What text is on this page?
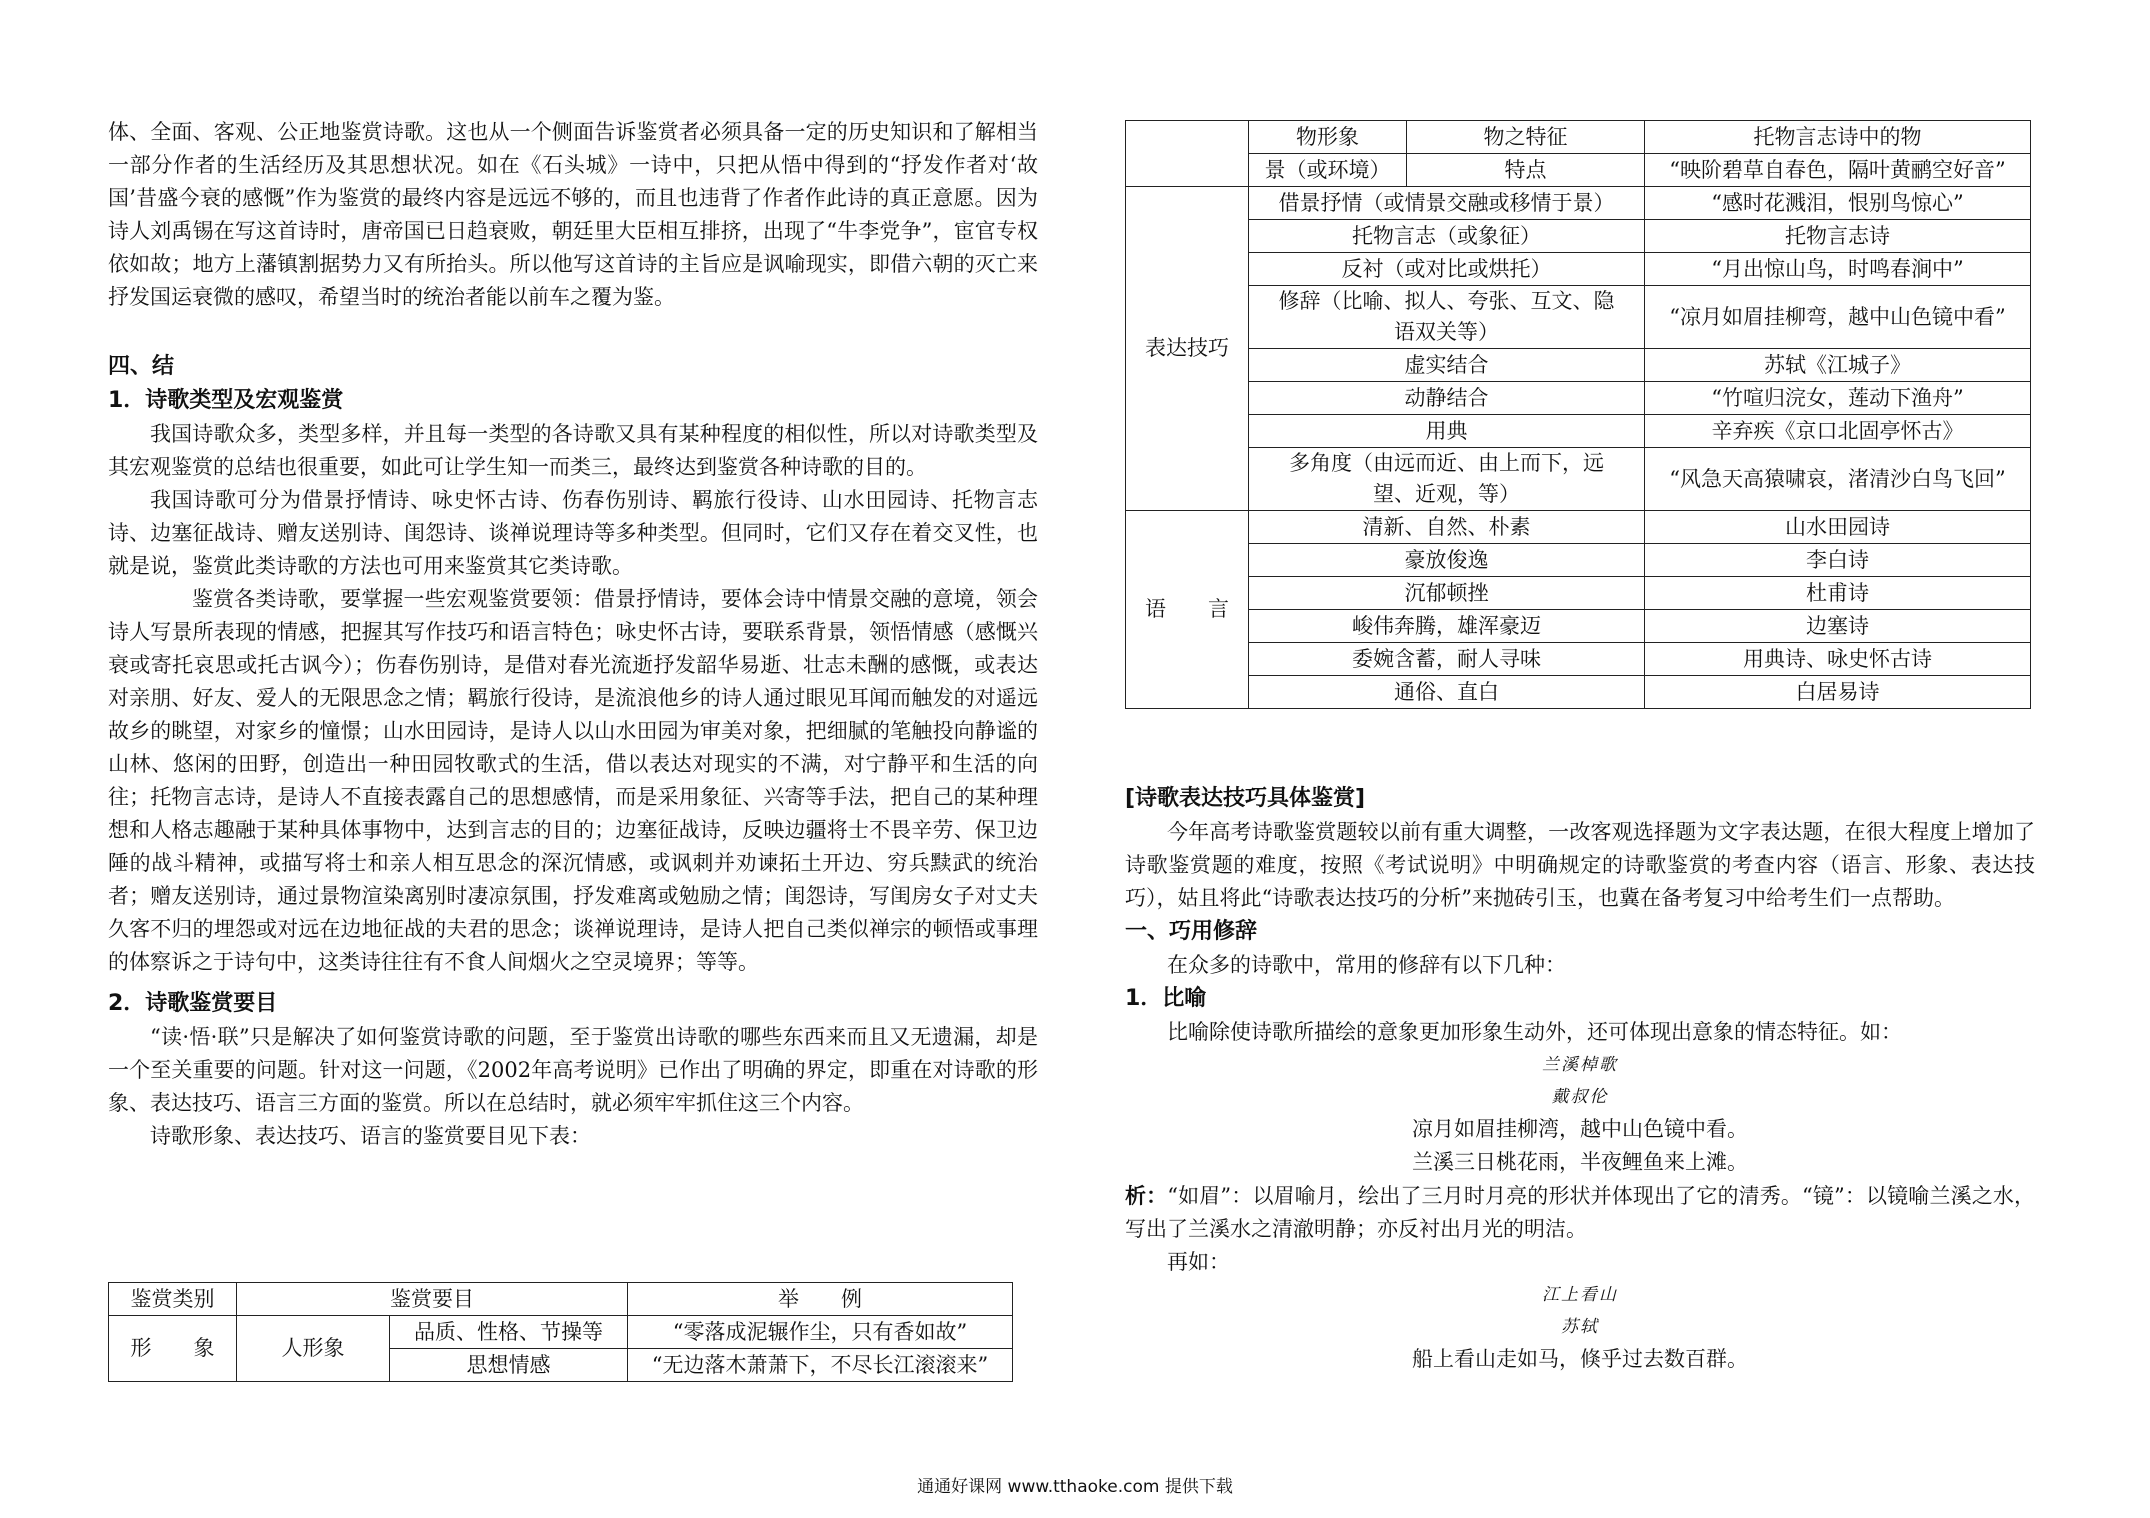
体、全面、客观、公正地鉴赏诗歌。这也从一个侧面告诉鉴赏者必须具备一定的历史知识和了解相当一部分作者的生活经历及其思想状况。如在《石头城》一诗中，只把从悟中得到的“抒发作者对‘故国’昔盛今衰的感慨”作为鉴赏的最终内容是远远不够的，而且也违背了作者作此诗的真正意愿。因为诗人刘禹锡在写这首诗时，唐帝国已日趋衰败，朝廷里大臣相互排挤，出现了“牛李党争”，宦官专权依如故；地方上藩镇割据势力又有所抬头。所以他写这首诗的主旨应是讽喻现实，即借六朝的灭亡来抒发国运衰微的感叹，希望当时的统治者能以前车之覆为鉴。

四、结

1．诗歌类型及宏观鉴赏

我国诗歌众多，类型多样，并且每一类型的各诗歌又具有某种程度的相似性，所以对诗歌类型及其宏观鉴赏的总结也很重要，如此可让学生知一而类三，最终达到鉴赏各种诗歌的目的。

我国诗歌可分为借景抒情诗、咏史怀古诗、伤春伤别诗、羁旅行役诗、山水田园诗、托物言志诗、边塞征战诗、赠友送别诗、闺怨诗、谈禅说理诗等多种类型。但同时，它们又存在着交叉性，也就是说，鉴赏此类诗歌的方法也可用来鉴赏其它类诗歌。

鉴赏各类诗歌，要掌握一些宏观鉴赏要领：借景抒情诗，要体会诗中情景交融的意境，领会诗人写景所表现的情感，把握其写作技巧和语言特色；咏史怀古诗，要联系背景，领悟情感（感慨兴衰或寄托哀思或托古讽今）；伤春伤别诗，是借对春光流逝抒发韶华易逝、壮志未酬的感慨，或表达对亲朋、好友、爱人的无限思念之情；羁旅行役诗，是流浪他乡的诗人通过眼见耳闻而触发的对遥远故乡的眺望，对家乡的憧憬；山水田园诗，是诗人以山水田园为审美对象，把细腻的笔触投向静谧的山林、悠闲的田野，创造出一种田园牧歌式的生活，借以表达对现实的不满，对宁静平和生活的向往；托物言志诗，是诗人不直接表露自己的思想感情，而是采用象征、兴寄等手法，把自己的某种理想和人格志趣融于某种具体事物中，达到言志的目的；边塞征战诗，反映边疆将士不畏辛劳、保卫边陲的战斗精神，或描写将士和亲人相互思念的深沉情感，或讽刺并劝谏拓土开边、穷兵黩武的统治者；赠友送别诗，通过景物渲染离别时凄凉氛围，抒发难离或勉励之情；闺怨诗，写闺房女子对丈夫久客不归的埋怨或对远在边地征战的夫君的思念；谈禅说理诗，是诗人把自己类似禅宗的顿悟或事理的体察诉之于诗句中，这类诗往往有不食人间烟火之空灵境界；等等。

2．诗歌鉴赏要目

“读·悟·联”只是解决了如何鉴赏诗歌的问题，至于鉴赏出诗歌的哪些东西来而且又无遗漏，却是一个至关重要的问题。针对这一问题，《2002年高考说明》已作出了明确的界定，即重在对诗歌的形象、表达技巧、语言三方面的鉴赏。所以在总结时，就必须牢牢抓住这三个内容。

诗歌形象、表达技巧、语言的鉴赏要目见下表：

鉴赏类别	鉴赏要目		举　　例
形　　象	人形象	品质、性格、节操等	“零落成泥辗作尘，只有香如故”
		思想情感	“无边落木萧萧下，不尽长江滚滚来”
	物形象	物之特征	托物言志诗中的物
	景（或环境）	特点	“映阶碧草自春色，隔叶黄鹂空好音”
表达技巧	借景抒情（或情景交融或移情于景）		“感时花溅泪，恨别鸟惊心”
	托物言志（或象征）		托物言志诗
	反衬（或对比或烘托）		“月出惊山鸟，时鸣春涧中”
	修辞（比喻、拟人、夸张、互文、隐语双关等）		“凉月如眉挂柳弯，越中山色镜中看”
	虚实结合		苏轼《江城子》
	动静结合		“竹喧归浣女，莲动下渔舟”
	用典		辛弃疾《京口北固亭怀古》
	多角度（由远而近、由上而下，远望、近观，等）		“风急天高猿啸哀，渚清沙白鸟飞回”
语　　言	清新、自然、朴素		山水田园诗
	豪放俊逸		李白诗
	沉郁顿挫		杜甫诗
	峻伟奔腾，雄浑豪迈		边塞诗
	委婉含蓄，耐人寻味		用典诗、咏史怀古诗
	通俗、直白		白居易诗

[诗歌表达技巧具体鉴赏]

今年高考诗歌鉴赏题较以前有重大调整，一改客观选择题为文字表达题，在很大程度上增加了诗歌鉴赏题的难度，按照《考试说明》中明确规定的诗歌鉴赏的考查内容（语言、形象、表达技巧），姑且将此“诗歌表达技巧的分析”来抛砖引玉，也冀在备考复习中给考生们一点帮助。

一、巧用修辞

在众多的诗歌中，常用的修辞有以下几种：

1．比喻

比喻除使诗歌所描绘的意象更加形象生动外，还可体现出意象的情态特征。如：

兰溪棹歌

戴叔伦

凉月如眉挂柳湾，越中山色镜中看。

兰溪三日桃花雨，半夜鲤鱼来上滩。

析：“如眉”：以眉喻月，绘出了三月时月亮的形状并体现出了它的清秀。“镜”：以镜喻兰溪之水，写出了兰溪水之清澈明静；亦反衬出月光的明洁。

再如：

江上看山

苏轼

船上看山走如马，倏乎过去数百群。

通通好课网 www.tthaoke.com 提供下载
